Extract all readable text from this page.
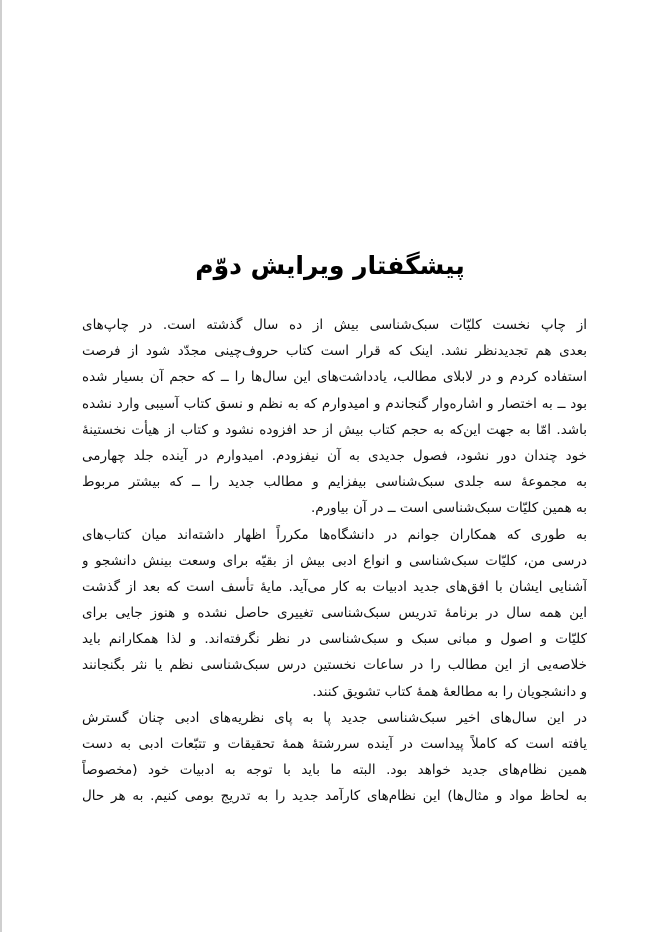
پیشگفتار ویرایش دوّم
از چاپ نخست کلیّات سبک‌شناسی بیش از ده سال گذشته است. در چاپ‌های
بعدی هم تجدیدنظر نشد. اینک که قرار است کتاب حروف‌چینی مجدّد شود از فرصت
استفاده کردم و در لابلای مطالب، یادداشت‌های این سال‌ها را ــ که حجم آن بسیار شده
بود ــ به اختصار و اشاره‌وار گنجاندم و امیدوارم که به نظم و نسق کتاب آسیبی وارد نشده
باشد. امّا به جهت این‌که به حجم کتاب بیش از حد افزوده نشود و کتاب از هیأت نخستینهٔ
خود چندان دور نشود، فصول جدیدی به آن نیفزودم. امیدوارم در آینده جلد چهارمی
به مجموعهٔ سه جلدی سبک‌شناسی بیفزایم و مطالب جدید را ــ که بیشتر مربوط
به همین کلیّات سبک‌شناسی است ــ در آن بیاورم.
به طوری که همکاران جوانم در دانشگاه‌ها مکرراً اظهار داشته‌اند میان کتاب‌های
درسی من، کلیّات سبک‌شناسی و انواع ادبی بیش از بقیّه برای وسعت بینش دانشجو و
آشنایی ایشان با افق‌های جدید ادبیات به کار می‌آید. مایهٔ تأسف است که بعد از گذشت
این همه سال در برنامهٔ تدریس سبک‌شناسی تغییری حاصل نشده و هنوز جایی برای
کلیّات و اصول و مبانی سبک و سبک‌شناسی در نظر نگرفته‌اند. و لذا همکارانم باید
خلاصه‌یی از این مطالب را در ساعات نخستین درس سبک‌شناسی نظم یا نثر بگنجانند
و دانشجویان را به مطالعهٔ همهٔ کتاب تشویق کنند.
در این سال‌های اخیر سبک‌شناسی جدید پا به پای نظریه‌های ادبی چنان گسترش
یافته است که کاملاً پیداست در آینده سررشتهٔ همهٔ تحقیقات و تتبّعات ادبی به دست
همین نظام‌های جدید خواهد بود. البته ما باید با توجه به ادبیات خود (مخصوصاً
به لحاظ مواد و مثال‌ها) این نظام‌های کارآمد جدید را به تدریج بومی کنیم. به هر حال
